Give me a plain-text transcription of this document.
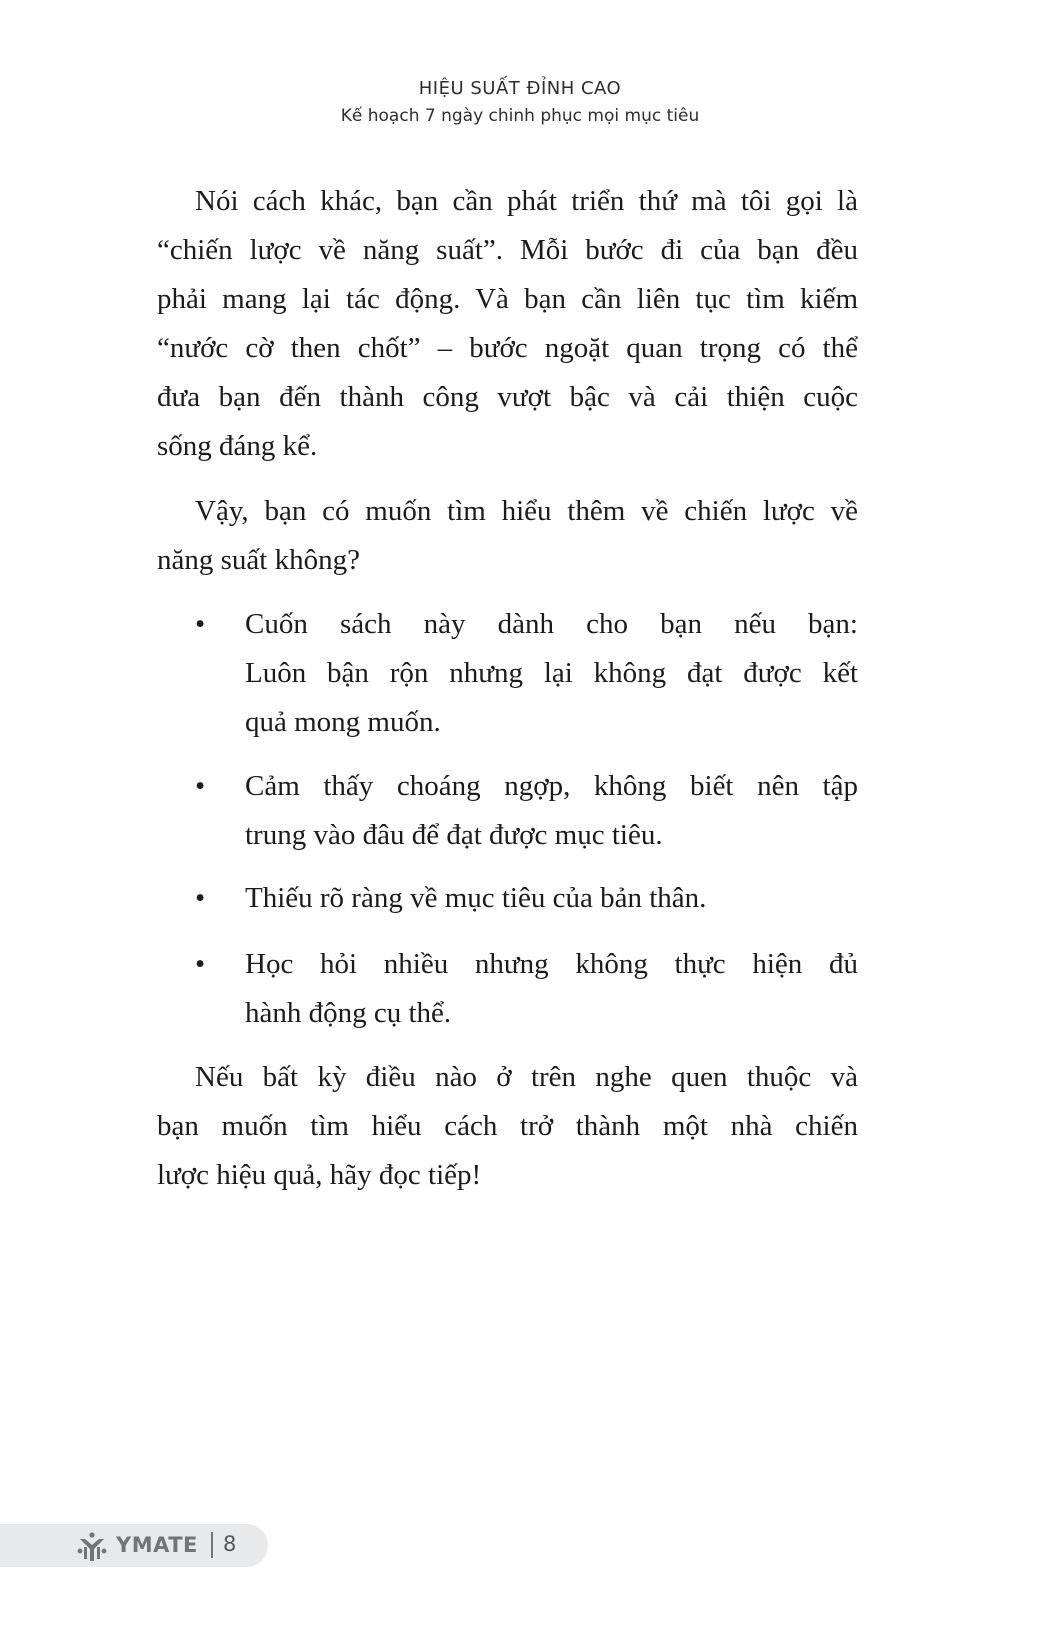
HIỆU SUẤT ĐỈNH CAO
Kế hoạch 7 ngày chinh phục mọi mục tiêu
Nói cách khác, bạn cần phát triển thứ mà tôi gọi là
“chiến lược về năng suất”. Mỗi bước đi của bạn đều
phải mang lại tác động. Và bạn cần liên tục tìm kiếm
“nước cờ then chốt” – bước ngoặt quan trọng có thể
đưa bạn đến thành công vượt bậc và cải thiện cuộc
sống đáng kể.
Vậy, bạn có muốn tìm hiểu thêm về chiến lược về
năng suất không?
• Cuốn sách này dành cho bạn nếu bạn:
Luôn bận rộn nhưng lại không đạt được kết
quả mong muốn.
• Cảm thấy choáng ngợp, không biết nên tập
trung vào đâu để đạt được mục tiêu.
• Thiếu rõ ràng về mục tiêu của bản thân.
• Học hỏi nhiều nhưng không thực hiện đủ
hành động cụ thể.
Nếu bất kỳ điều nào ở trên nghe quen thuộc và
bạn muốn tìm hiểu cách trở thành một nhà chiến
lược hiệu quả, hãy đọc tiếp!
YMATE 8
